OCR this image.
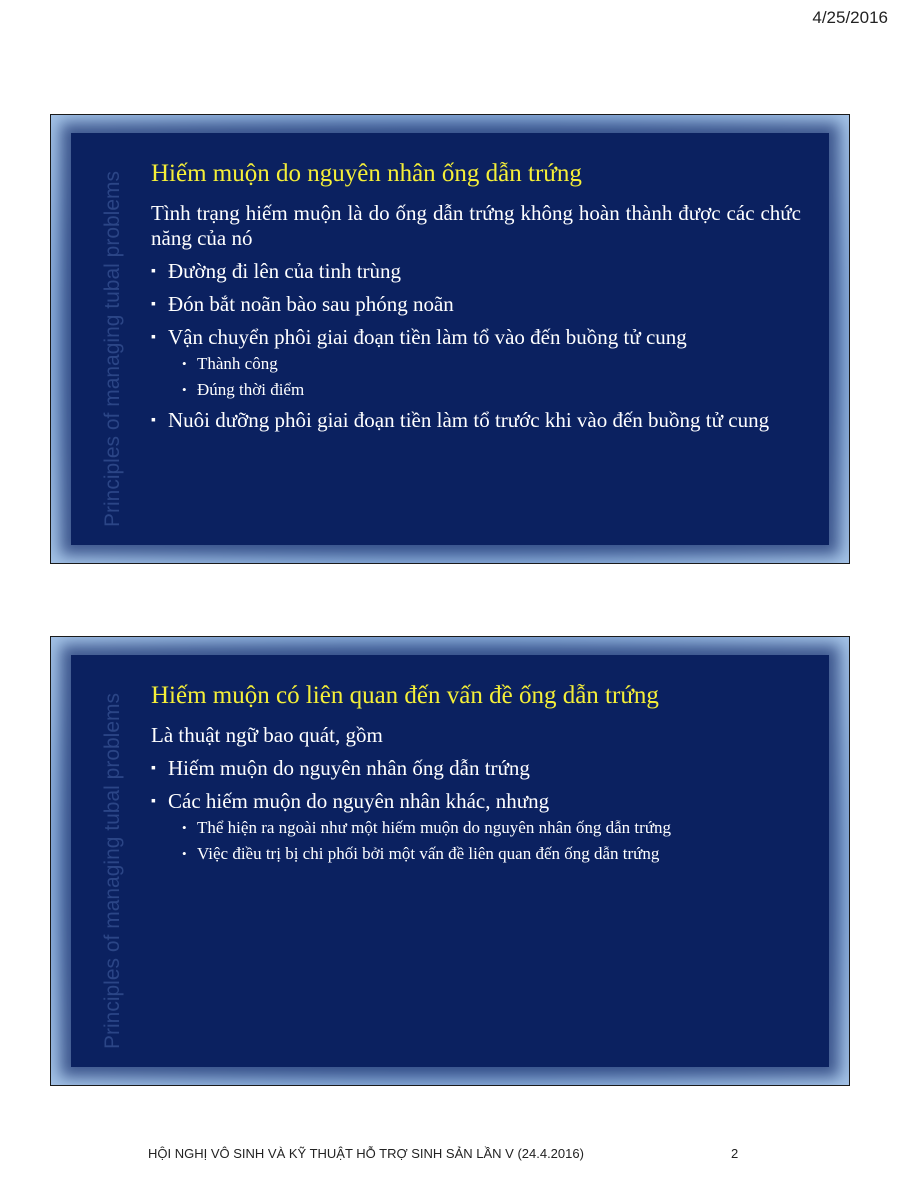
4/25/2016
Principles of managing tubal problems Hiếm muộn do nguyên nhân ống dẫn trứng
Tình trạng hiếm muộn là do ống dẫn trứng không hoàn thành được các chức năng của nó
▪ Đường đi lên của tinh trùng
▪ Đón bắt noãn bào sau phóng noãn
▪ Vận chuyển phôi giai đoạn tiền làm tổ vào đến buồng tử cung
• Thành công
• Đúng thời điểm
▪ Nuôi dưỡng phôi giai đoạn tiền làm tổ trước khi vào đến buồng tử cung
Principles of managing tubal problems Hiếm muộn có liên quan đến vấn đề ống dẫn trứng
Là thuật ngữ bao quát, gồm
▪ Hiếm muộn do nguyên nhân ống dẫn trứng
▪ Các hiếm muộn do nguyên nhân khác, nhưng
• Thể hiện ra ngoài như một hiếm muộn do nguyên nhân ống dẫn trứng
• Việc điều trị bị chi phối bởi một vấn đề liên quan đến ống dẫn trứng
HỘI NGHỊ VÔ SINH VÀ KỸ THUẬT HỖ TRỢ SINH SẢN LẦN V (24.4.2016)	2
